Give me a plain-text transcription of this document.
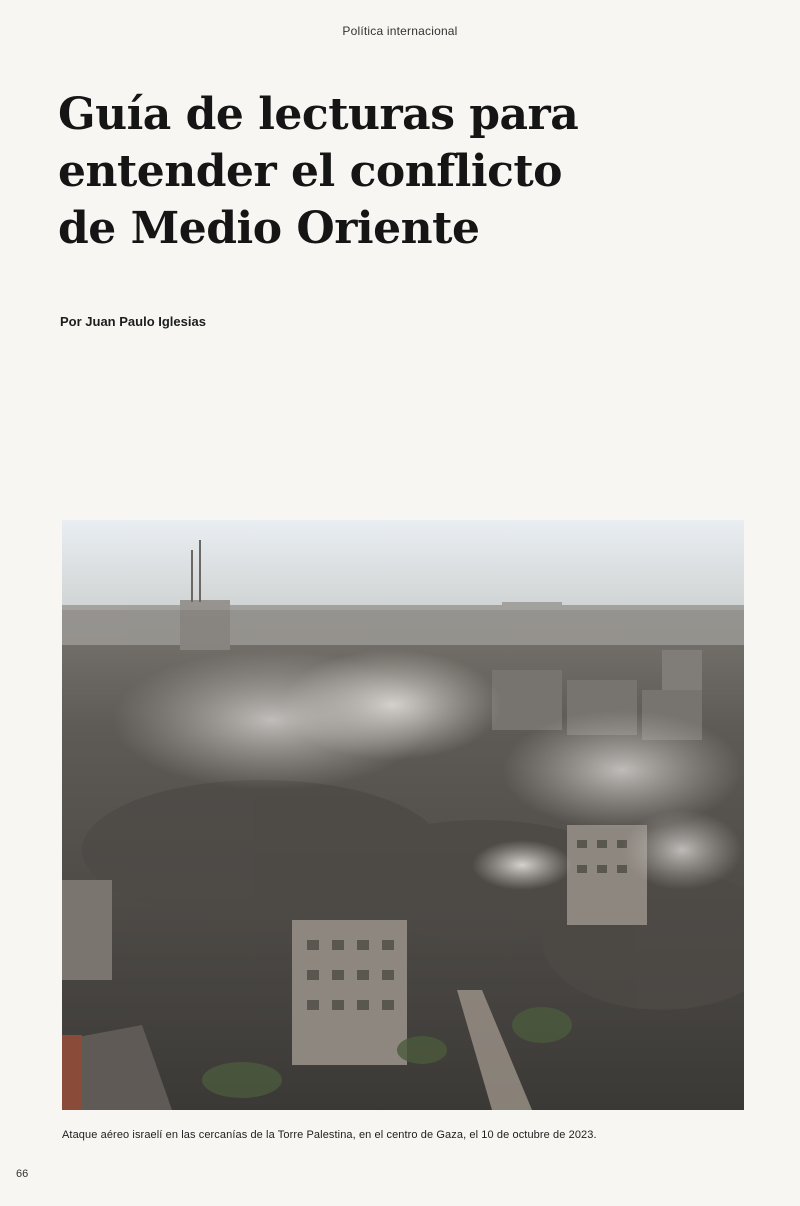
Política internacional
Guía de lecturas para entender el conflicto de Medio Oriente
Por Juan Paulo Iglesias
Ataque aéreo israelí en las cercanías de la Torre Palestina, en el centro de Gaza, el 10 de octubre de 2023.
66
